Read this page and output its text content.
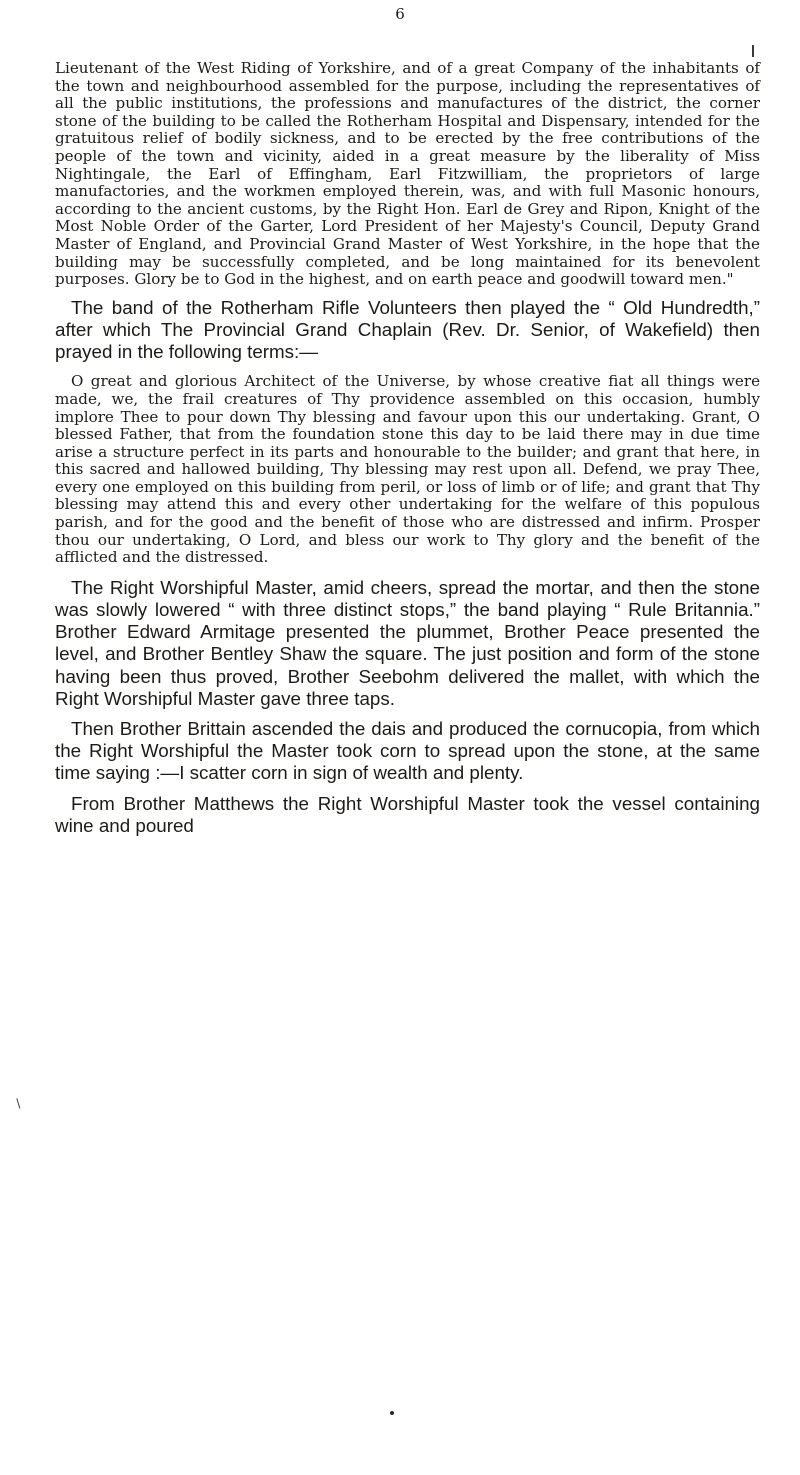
6

Lieutenant of the West Riding of Yorkshire, and of a great Company of the inhabitants of the town and neighbourhood assembled for the purpose, including the representatives of all the public institutions, the professions and manufactures of the district, the corner stone of the building to be called the Rotherham Hospital and Dispensary, intended for the gratuitous relief of bodily sickness, and to be erected by the free contributions of the people of the town and vicinity, aided in a great measure by the liberality of Miss Nightingale, the Earl of Effingham, Earl Fitzwilliam, the proprietors of large manufactories, and the workmen employed therein, was, and with full Masonic honours, according to the ancient customs, by the Right Hon. Earl de Grey and Ripon, Knight of the Most Noble Order of the Garter, Lord President of her Majesty's Council, Deputy Grand Master of England, and Provincial Grand Master of West Yorkshire, in the hope that the building may be successfully completed, and be long maintained for its benevolent purposes. Glory be to God in the highest, and on earth peace and goodwill toward men."

The band of the Rotherham Rifle Volunteers then played the “ Old Hundredth,” after which The Provincial Grand Chaplain (Rev. Dr. Senior, of Wakefield) then prayed in the following terms:—

O great and glorious Architect of the Universe, by whose creative fiat all things were made, we, the frail creatures of Thy providence assembled on this occasion, humbly implore Thee to pour down Thy blessing and favour upon this our undertaking. Grant, O blessed Father, that from the foundation stone this day to be laid there may in due time arise a structure perfect in its parts and honourable to the builder; and grant that here, in this sacred and hallowed building, Thy blessing may rest upon all. Defend, we pray Thee, every one employed on this building from peril, or loss of limb or of life; and grant that Thy blessing may attend this and every other undertaking for the welfare of this populous parish, and for the good and the benefit of those who are distressed and infirm. Prosper thou our undertaking, O Lord, and bless our work to Thy glory and the benefit of the afflicted and the distressed.

The Right Worshipful Master, amid cheers, spread the mortar, and then the stone was slowly lowered “ with three distinct stops,” the band playing “ Rule Britannia.” Brother Edward Armitage presented the plummet, Brother Peace presented the level, and Brother Bentley Shaw the square. The just position and form of the stone having been thus proved, Brother Seebohm delivered the mallet, with which the Right Worshipful Master gave three taps.

Then Brother Brittain ascended the dais and produced the cornucopia, from which the Right Worshipful the Master took corn to spread upon the stone, at the same time saying :—I scatter corn in sign of wealth and plenty.

From Brother Matthews the Right Worshipful Master took the vessel containing wine and poured

∖
